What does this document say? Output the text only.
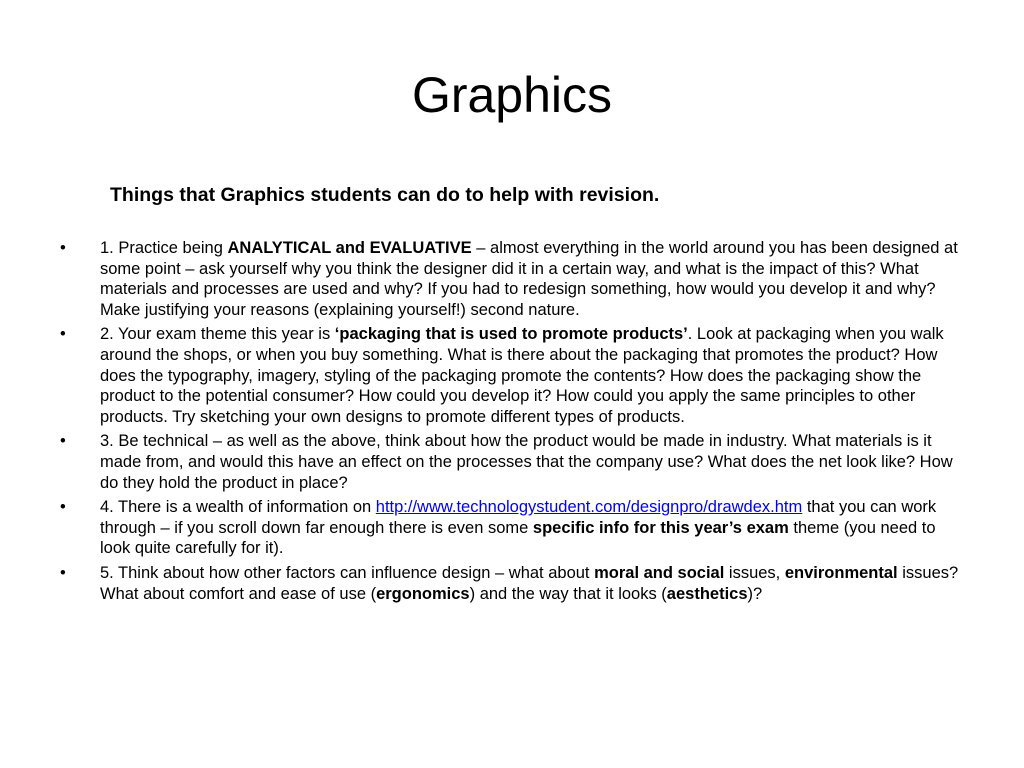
Graphics
Things that Graphics students can do to help with revision.
• 1. Practice being ANALYTICAL and EVALUATIVE – almost everything in the world around you has been designed at some point – ask yourself why you think the designer did it in a certain way, and what is the impact of this? What materials and processes are used and why? If you had to redesign something, how would you develop it and why? Make justifying your reasons (explaining yourself!) second nature.
• 2. Your exam theme this year is ‘packaging that is used to promote products’. Look at packaging when you walk around the shops, or when you buy something. What is there about the packaging that promotes the product? How does the typography, imagery, styling of the packaging promote the contents? How does the packaging show the product to the potential consumer? How could you develop it? How could you apply the same principles to other products. Try sketching your own designs to promote different types of products.
• 3. Be technical – as well as the above, think about how the product would be made in industry. What materials is it made from, and would this have an effect on the processes that the company use? What does the net look like? How do they hold the product in place?
• 4. There is a wealth of information on http://www.technologystudent.com/designpro/drawdex.htm that you can work through – if you scroll down far enough there is even some specific info for this year’s exam theme (you need to look quite carefully for it).
• 5. Think about how other factors can influence design – what about moral and social issues, environmental issues? What about comfort and ease of use (ergonomics) and the way that it looks (aesthetics)?
